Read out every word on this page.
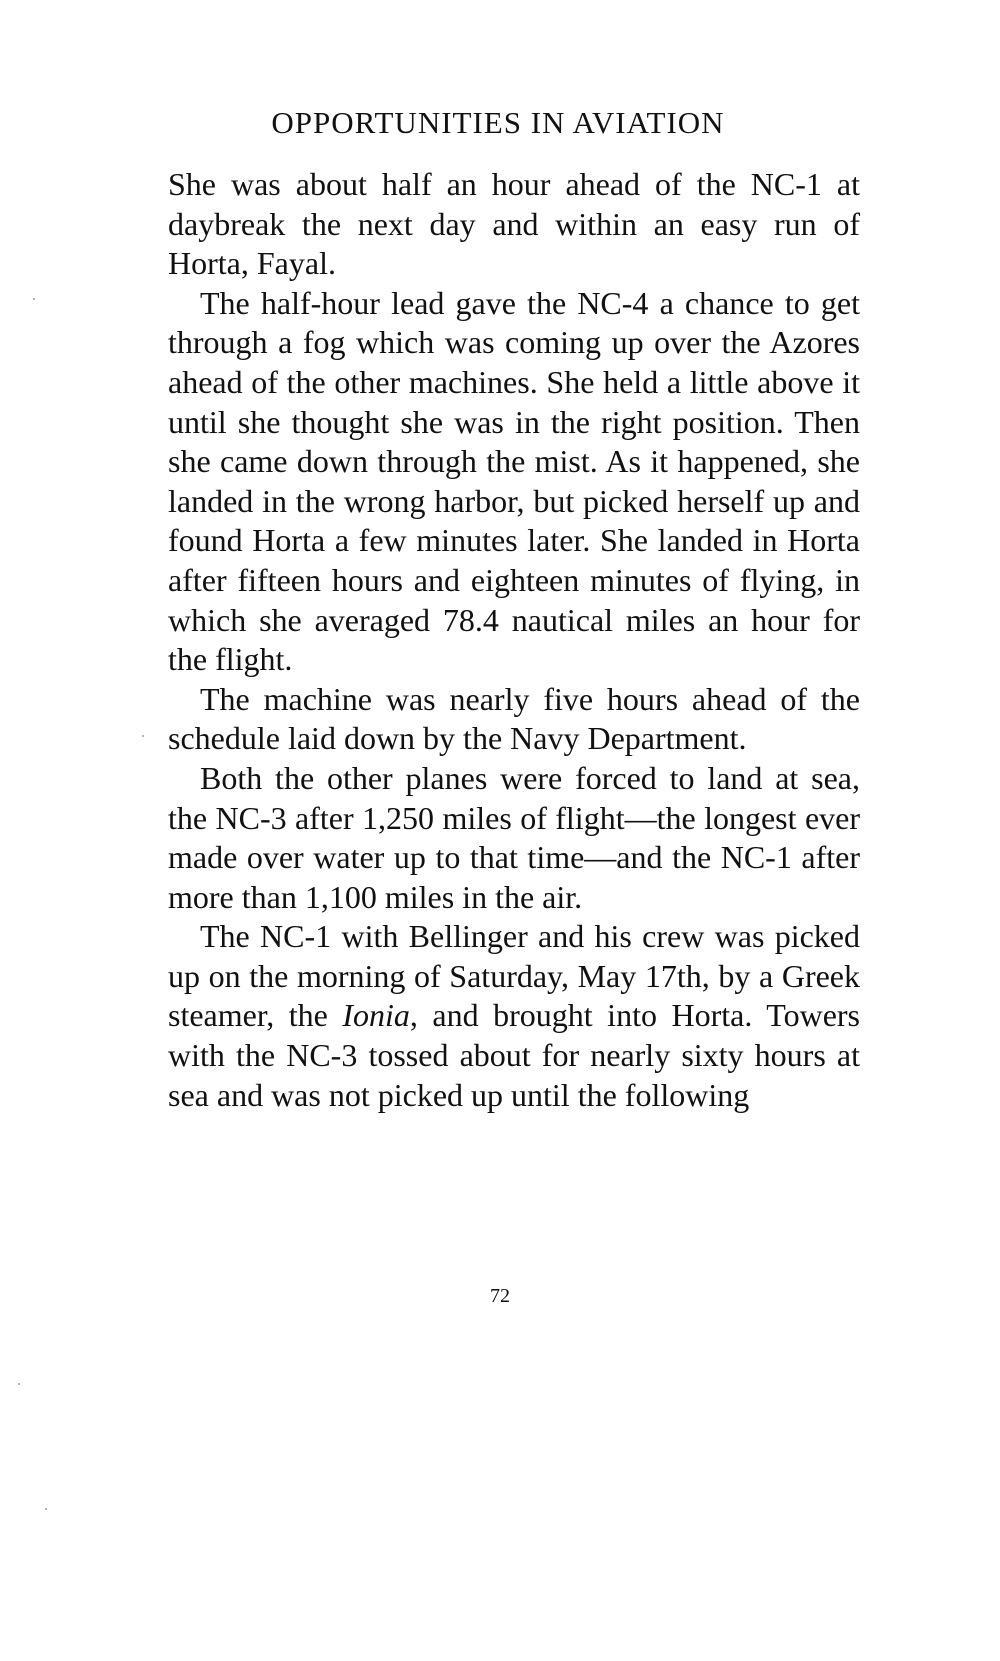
OPPORTUNITIES IN AVIATION

She was about half an hour ahead of the NC-1 at daybreak the next day and within an easy run of Horta, Fayal.

The half-hour lead gave the NC-4 a chance to get through a fog which was coming up over the Azores ahead of the other machines. She held a little above it until she thought she was in the right position. Then she came down through the mist. As it happened, she landed in the wrong harbor, but picked herself up and found Horta a few minutes later. She landed in Horta after fifteen hours and eighteen minutes of flying, in which she averaged 78.4 nautical miles an hour for the flight.

The machine was nearly five hours ahead of the schedule laid down by the Navy Department.

Both the other planes were forced to land at sea, the NC-3 after 1,250 miles of flight—the longest ever made over water up to that time—and the NC-1 after more than 1,100 miles in the air.

The NC-1 with Bellinger and his crew was picked up on the morning of Saturday, May 17th, by a Greek steamer, the Ionia, and brought into Horta. Towers with the NC-3 tossed about for nearly sixty hours at sea and was not picked up until the following

72
